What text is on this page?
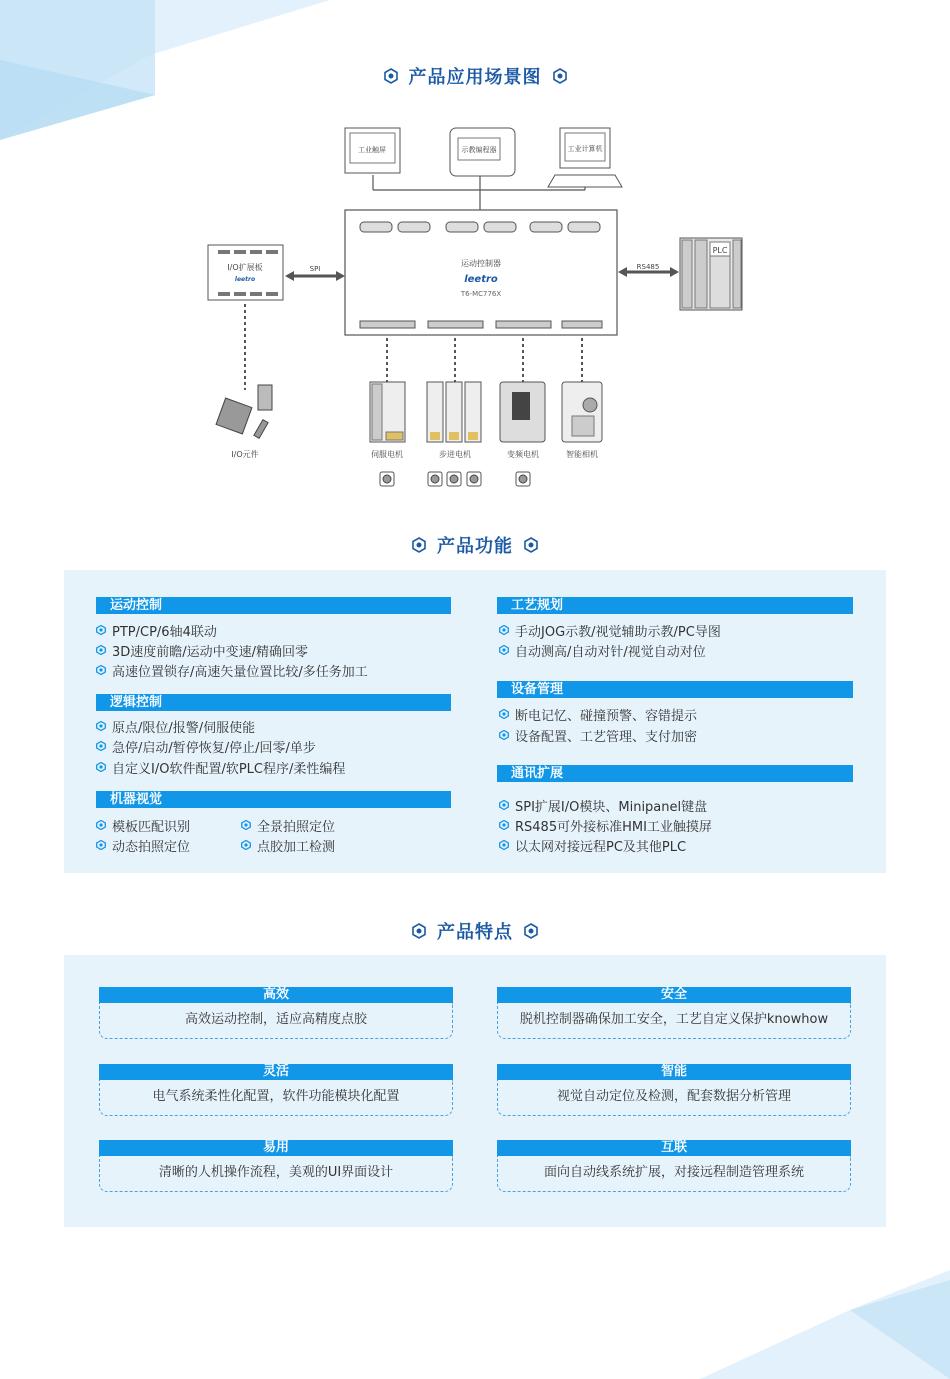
产品应用场景图
工业触屏	示教编程器	工业计算机
运动控制器
leetro
T6-MC776X
I/O扩展板
leetro
SPI	RS485
PLC
I/O元件	伺服电机	步进电机	变频电机	智能相机
产品功能
运动控制
PTP/CP/6轴4联动
3D速度前瞻/运动中变速/精确回零
高速位置锁存/高速矢量位置比较/多任务加工
逻辑控制
原点/限位/报警/伺服使能
急停/启动/暂停恢复/停止/回零/单步
自定义I/O软件配置/软PLC程序/柔性编程
机器视觉
模板匹配识别	全景拍照定位
动态拍照定位	点胶加工检测
工艺规划
手动JOG示教/视觉辅助示教/PC导图
自动测高/自动对针/视觉自动对位
设备管理
断电记忆、碰撞预警、容错提示
设备配置、工艺管理、支付加密
通讯扩展
SPI扩展I/O模块、Minipanel键盘
RS485可外接标准HMI工业触摸屏
以太网对接远程PC及其他PLC
产品特点
高效
高效运动控制，适应高精度点胶
安全
脱机控制器确保加工安全，工艺自定义保护knowhow
灵活
电气系统柔性化配置，软件功能模块化配置
智能
视觉自动定位及检测，配套数据分析管理
易用
清晰的人机操作流程，美观的UI界面设计
互联
面向自动线系统扩展，对接远程制造管理系统
